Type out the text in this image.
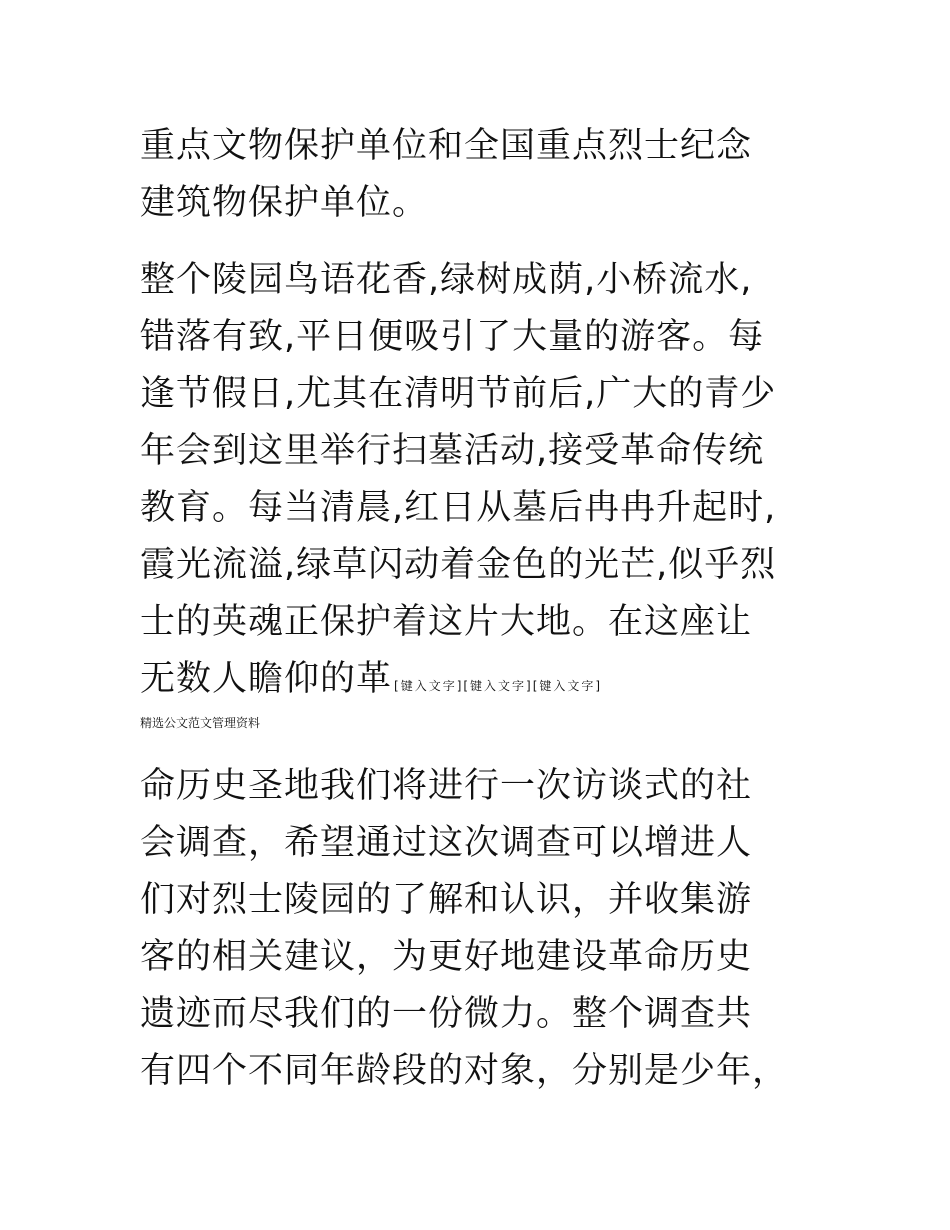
重点文物保护单位和全国重点烈士纪念
建筑物保护单位。
整个陵园鸟语花香,绿树成荫,小桥流水,
错落有致,平日便吸引了大量的游客。每
逢节假日,尤其在清明节前后,广大的青少
年会到这里举行扫墓活动,接受革命传统
教育。每当清晨,红日从墓后冉冉升起时,
霞光流溢,绿草闪动着金色的光芒,似乎烈
士的英魂正保护着这片大地。在这座让
无数人瞻仰的革 [键入文字][键入文字][键入文字]
精选公文范文管理资料
命历史圣地我们将进行一次访谈式的社
会调查，希望通过这次调查可以增进人
们对烈士陵园的了解和认识，并收集游
客的相关建议，为更好地建设革命历史
遗迹而尽我们的一份微力。整个调查共
有四个不同年龄段的对象，分别是少年，
